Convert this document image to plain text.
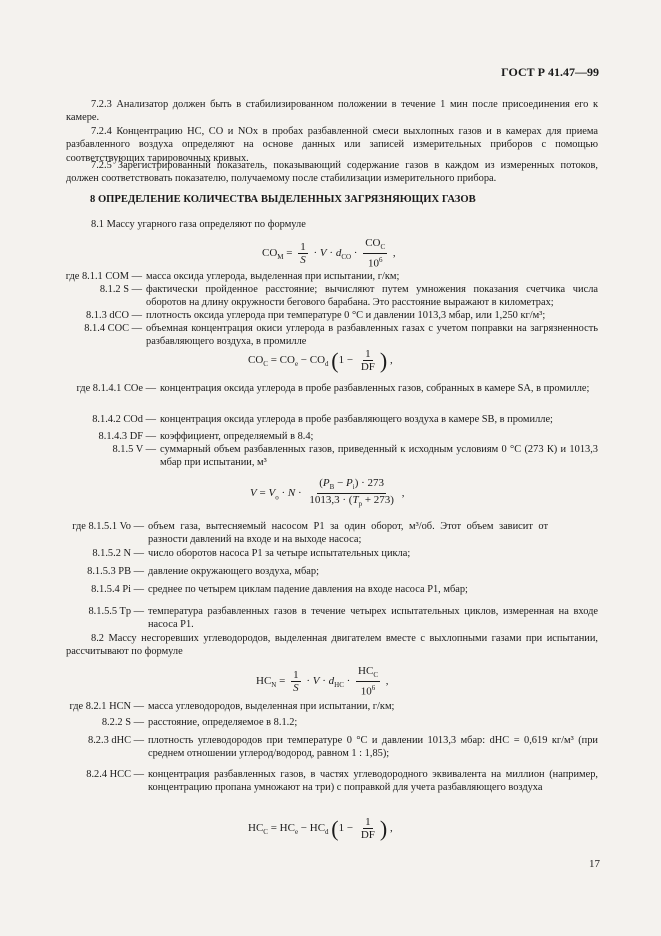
ГОСТ Р 41.47—99
7.2.3 Анализатор должен быть в стабилизированном положении в течение 1 мин после присоединения его к камере.
7.2.4 Концентрацию НС, СО и NOx в пробах разбавленной смеси выхлопных газов и в камерах для приема разбавленного воздуха определяют на основе данных или записей измерительных приборов с помощью соответствующих тарировочных кривых.
7.2.5 Зарегистрированный показатель, показывающий содержание газов в каждом из измеренных потоков, должен соответствовать показателю, получаемому после стабилизации измерительного прибора.
8 ОПРЕДЕЛЕНИЕ КОЛИЧЕСТВА ВЫДЕЛЕННЫХ ЗАГРЯЗНЯЮЩИХ ГАЗОВ
8.1 Массу угарного газа определяют по формуле
$CO_M = \frac{1}{S} \cdot V \cdot d_{CO} \cdot \frac{CO_C}{10^6}$ ,
где 8.1.1 COM — масса оксида углерода, выделенная при испытании, г/км;
8.1.2 S — фактически пройденное расстояние; вычисляют путем умножения показания счетчика числа оборотов на длину окружности бегового барабана. Это расстояние выражают в километрах;
8.1.3 dCO — плотность оксида углерода при температуре 0 °С и давлении 1013,3 мбар, или 1,250 кг/м³;
8.1.4 COC — объемная концентрация окиси углерода в разбавленных газах с учетом поправки на загрязненность разбавляющего воздуха, в промилле
$CO_C = CO_e - CO_d$ ($1 - \frac{1}{DF}$ ) ,
где 8.1.4.1 COe — концентрация оксида углерода в пробе разбавленных газов, собранных в камере SA, в промилле;
8.1.4.2 COd — концентрация оксида углерода в пробе разбавляющего воздуха в камере SB, в промилле;
8.1.4.3 DF — коэффициент, определяемый в 8.4;
8.1.5 V — суммарный объем разбавленных газов, приведенный к исходным условиям 0 °С (273 К) и 1013,3 мбар при испытании, м³
$V = V_o \cdot N \cdot \frac{(P_B - P_i) \cdot 273}{1013,3 \cdot (T_p + 273)}$ ,
где 8.1.5.1 Vo — объем газа, вытесняемый насосом P1 за один оборот, м³/об. Этот объем зависит от разности давлений на входе и на выходе насоса;
8.1.5.2 N — число оборотов насоса P1 за четыре испытательных цикла;
8.1.5.3 PB — давление окружающего воздуха, мбар;
8.1.5.4 Pi — среднее по четырем циклам падение давления на входе насоса P1, мбар;
8.1.5.5 Tp — температура разбавленных газов в течение четырех испытательных циклов, измеренная на входе насоса P1.
8.2 Массу несгоревших углеводородов, выделенная двигателем вместе с выхлопными газами при испытании, рассчитывают по формуле
$HC_N = \frac{1}{S} \cdot V \cdot d_{HC} \cdot \frac{HC_C}{10^6}$ ,
где 8.2.1 HCN — масса углеводородов, выделенная при испытании, г/км;
8.2.2 S — расстояние, определяемое в 8.1.2;
8.2.3 dHC — плотность углеводородов при температуре 0 °С и давлении 1013,3 мбар: dHC = 0,619 кг/м³ (при среднем отношении углерод/водород, равном 1 : 1,85);
8.2.4 HCC — концентрация разбавленных газов, в частях углеводородного эквивалента на миллион (например, концентрацию пропана умножают на три) с поправкой для учета разбавляющего воздуха
$HC_C = HC_e - HC_d$ ($1 - \frac{1}{DF}$ ) ,
17
